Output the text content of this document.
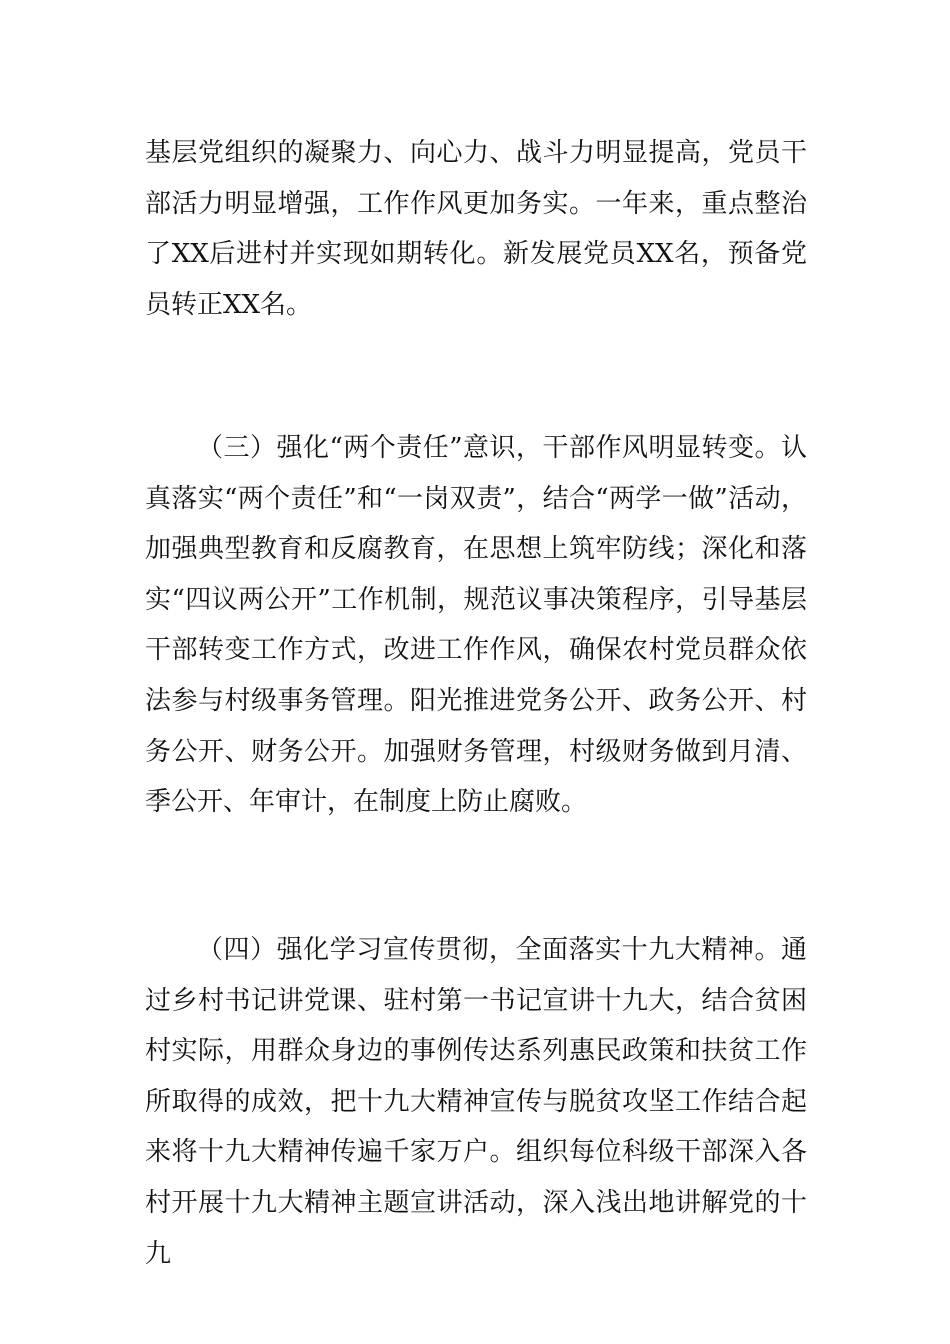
基层党组织的凝聚力、向心力、战斗力明显提高，党员干部活力明显增强，工作作风更加务实。一年来，重点整治了XX后进村并实现如期转化。新发展党员XX名，预备党员转正XX名。

（三）强化“两个责任”意识，干部作风明显转变。认真落实“两个责任”和“一岗双责”，结合“两学一做”活动，加强典型教育和反腐教育，在思想上筑牢防线；深化和落实“四议两公开”工作机制，规范议事决策程序，引导基层干部转变工作方式，改进工作作风，确保农村党员群众依法参与村级事务管理。阳光推进党务公开、政务公开、村务公开、财务公开。加强财务管理，村级财务做到月清、季公开、年审计，在制度上防止腐败。

（四）强化学习宣传贯彻，全面落实十九大精神。通过乡村书记讲党课、驻村第一书记宣讲十九大，结合贫困村实际，用群众身边的事例传达系列惠民政策和扶贫工作所取得的成效，把十九大精神宣传与脱贫攻坚工作结合起来将十九大精神传遍千家万户。组织每位科级干部深入各村开展十九大精神主题宣讲活动，深入浅出地讲解党的十九
